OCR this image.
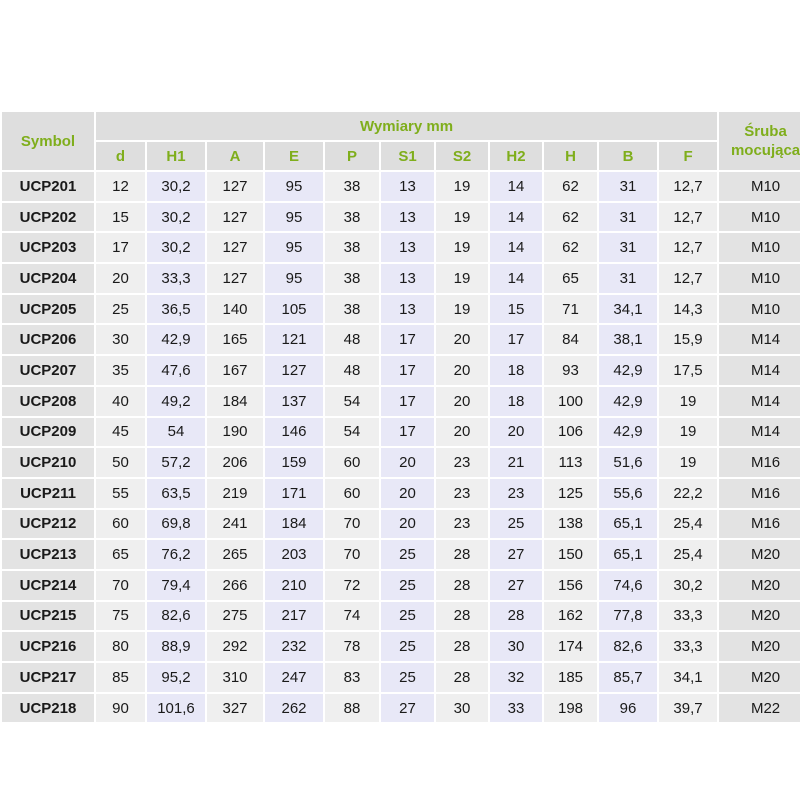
Symbol	Wymiary mm											Śruba
mocująca
	d	H1	A	E	P	S1	S2	H2	H	B	F	
UCP201	12	30,2	127	95	38	13	19	14	62	31	12,7	M10
UCP202	15	30,2	127	95	38	13	19	14	62	31	12,7	M10
UCP203	17	30,2	127	95	38	13	19	14	62	31	12,7	M10
UCP204	20	33,3	127	95	38	13	19	14	65	31	12,7	M10
UCP205	25	36,5	140	105	38	13	19	15	71	34,1	14,3	M10
UCP206	30	42,9	165	121	48	17	20	17	84	38,1	15,9	M14
UCP207	35	47,6	167	127	48	17	20	18	93	42,9	17,5	M14
UCP208	40	49,2	184	137	54	17	20	18	100	42,9	19	M14
UCP209	45	54	190	146	54	17	20	20	106	42,9	19	M14
UCP210	50	57,2	206	159	60	20	23	21	113	51,6	19	M16
UCP211	55	63,5	219	171	60	20	23	23	125	55,6	22,2	M16
UCP212	60	69,8	241	184	70	20	23	25	138	65,1	25,4	M16
UCP213	65	76,2	265	203	70	25	28	27	150	65,1	25,4	M20
UCP214	70	79,4	266	210	72	25	28	27	156	74,6	30,2	M20
UCP215	75	82,6	275	217	74	25	28	28	162	77,8	33,3	M20
UCP216	80	88,9	292	232	78	25	28	30	174	82,6	33,3	M20
UCP217	85	95,2	310	247	83	25	28	32	185	85,7	34,1	M20
UCP218	90	101,6	327	262	88	27	30	33	198	96	39,7	M22
